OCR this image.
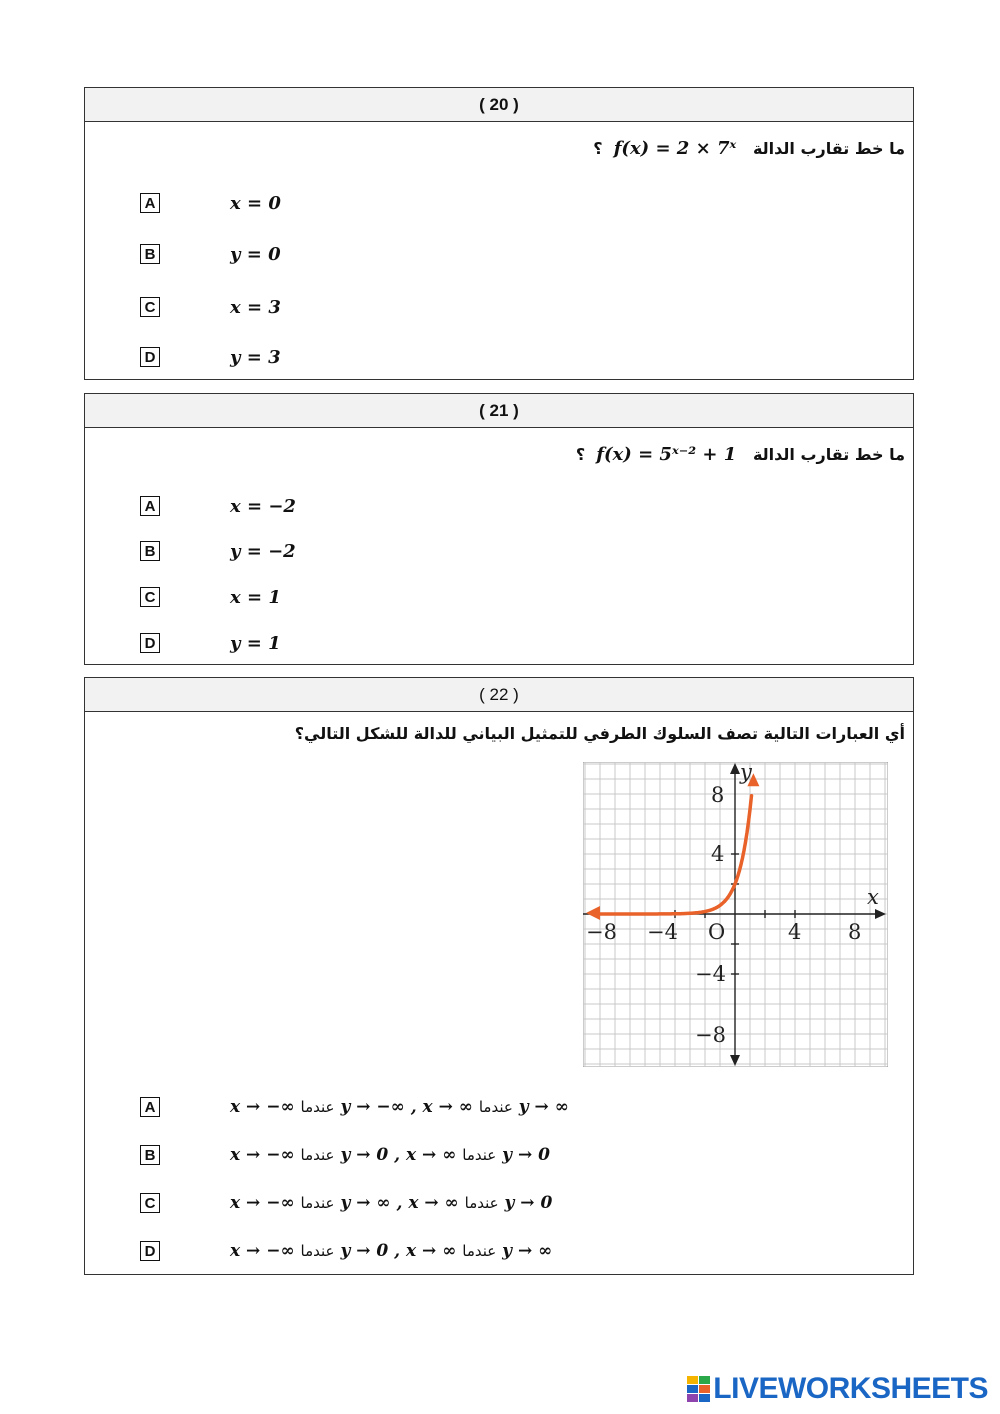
( 20 )
ما خط تقارب الدالة   f(x) = 2 × 7ˣ  ؟
A	x = 0
B	y = 0
C	x = 3
D	y = 3
( 21 )
ما خط تقارب الدالة   f(x) = 5ˣ⁻² + 1  ؟
A	x = −2
B	y = −2
C	x = 1
D	y = 1
( 22 )
أي العبارات التالية تصف السلوك الطرفي للتمثيل البياني للدالة للشكل التالي؟
x
y
O
−8 −4	4 8
8
4
−4
−8
A	x → −∞ عندما y → −∞ , x → ∞ عندما y → ∞
B	x → −∞ عندما y → 0 , x → ∞ عندما y → 0
C	x → −∞ عندما y → ∞ , x → ∞ عندما y → 0
D	x → −∞ عندما y → 0 , x → ∞ عندما y → ∞
LIVEWORKSHEETS
